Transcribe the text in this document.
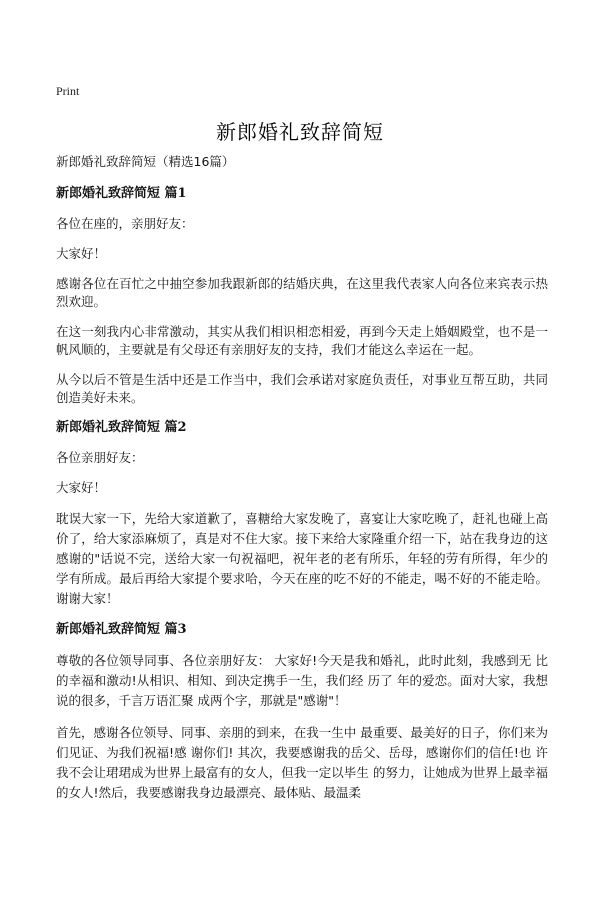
Print
新郎婚礼致辞简短

新郎婚礼致辞简短（精选16篇）

新郎婚礼致辞简短 篇1

各位在座的，亲朋好友：

大家好！

感谢各位在百忙之中抽空参加我跟新郎的结婚庆典，在这里我代表家人向各位来宾表示热烈欢迎。

在这一刻我内心非常激动，其实从我们相识相恋相爱，再到今天走上婚姻殿堂，也不是一帆风顺的，主要就是有父母还有亲朋好友的支持，我们才能这么幸运在一起。

从今以后不管是生活中还是工作当中，我们会承诺对家庭负责任，对事业互帮互助，共同创造美好未来。

新郎婚礼致辞简短 篇2

各位亲朋好友：

大家好！

耽误大家一下，先给大家道歉了，喜糖给大家发晚了，喜宴让大家吃晚了，赶礼也碰上高价了，给大家添麻烦了，真是对不住大家。接下来给大家隆重介绍一下，站在我身边的这感谢的"话说不完，送给大家一句祝福吧，祝年老的老有所乐，年轻的劳有所得，年少的学有所成。最后再给大家提个要求哈，今天在座的吃不好的不能走，喝不好的不能走哈。谢谢大家！

新郎婚礼致辞简短 篇3

尊敬的各位领导同事、各位亲朋好友： 大家好!今天是我和婚礼，此时此刻，我感到无 比的幸福和激动!从相识、相知、到决定携手一生，我们经 历了 年的爱恋。面对大家，我想说的很多，千言万语汇聚 成两个字，那就是"感谢"！

首先，感谢各位领导、同事、亲朋的到来，在我一生中 最重要、最美好的日子，你们来为们见证、为我们祝福!感 谢你们! 其次，我要感谢我的岳父、岳母，感谢你们的信任!也 许我不会让珺珺成为世界上最富有的女人，但我一定以毕生 的努力，让她成为世界上最幸福的女人!然后，我要感谢我身边最漂亮、最体贴、最温柔
